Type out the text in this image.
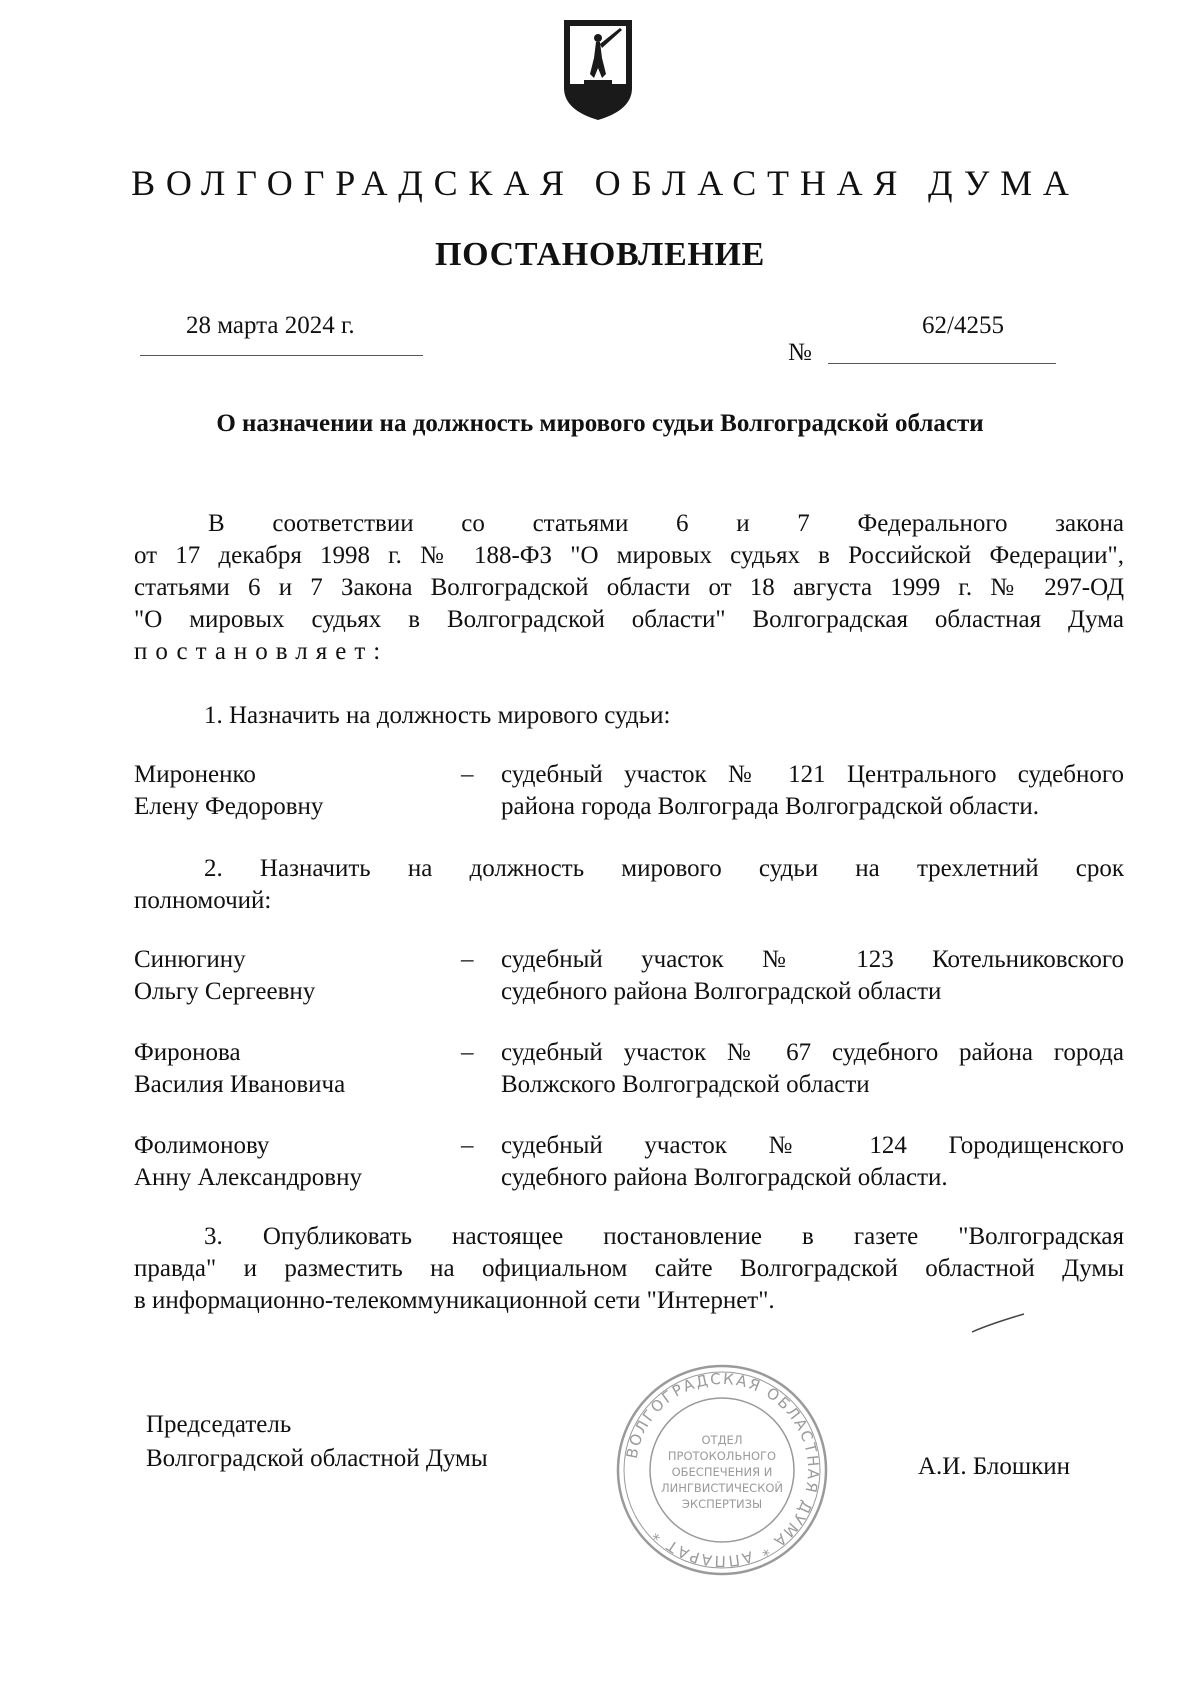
ВОЛГОГРАДСКАЯ ОБЛАСТНАЯ ДУМА
ПОСТАНОВЛЕНИЕ
28 марта 2024 г.	62/4255
№
О назначении на должность мирового судьи Волгоградской области
В соответствии со статьями 6 и 7 Федерального закона
от 17 декабря 1998 г. № 188-ФЗ "О мировых судьях в Российской Федерации",
статьями 6 и 7 Закона Волгоградской области от 18 августа 1999 г. № 297-ОД
"О мировых судьях в Волгоградской области" Волгоградская областная Дума
постановляет:
1. Назначить на должность мирового судьи:
Мироненко
Елену Федоровну
– судебный участок № 121 Центрального судебного
района города Волгограда Волгоградской области.
2. Назначить на должность мирового судьи на трехлетний срок
полномочий:
Синюгину
Ольгу Сергеевну
– судебный участок № 123 Котельниковского
судебного района Волгоградской области
Фиронова
Василия Ивановича
– судебный участок № 67 судебного района города
Волжского Волгоградской области
Фолимонову
Анну Александровну
– судебный участок № 124 Городищенского
судебного района Волгоградской области.
3. Опубликовать настоящее постановление в газете "Волгоградская
правда" и разместить на официальном сайте Волгоградской областной Думы
в информационно-телекоммуникационной сети "Интернет".
ВОЛГОГРАДСКАЯ ОБЛАСТНАЯ ДУМА * АППАРАТ *
ОТДЕЛ
ПРОТОКОЛЬНОГО
ОБЕСПЕЧЕНИЯ И
ЛИНГВИСТИЧЕСКОЙ
ЭКСПЕРТИЗЫ
Председатель
Волгоградской областной Думы	А.И. Блошкин
